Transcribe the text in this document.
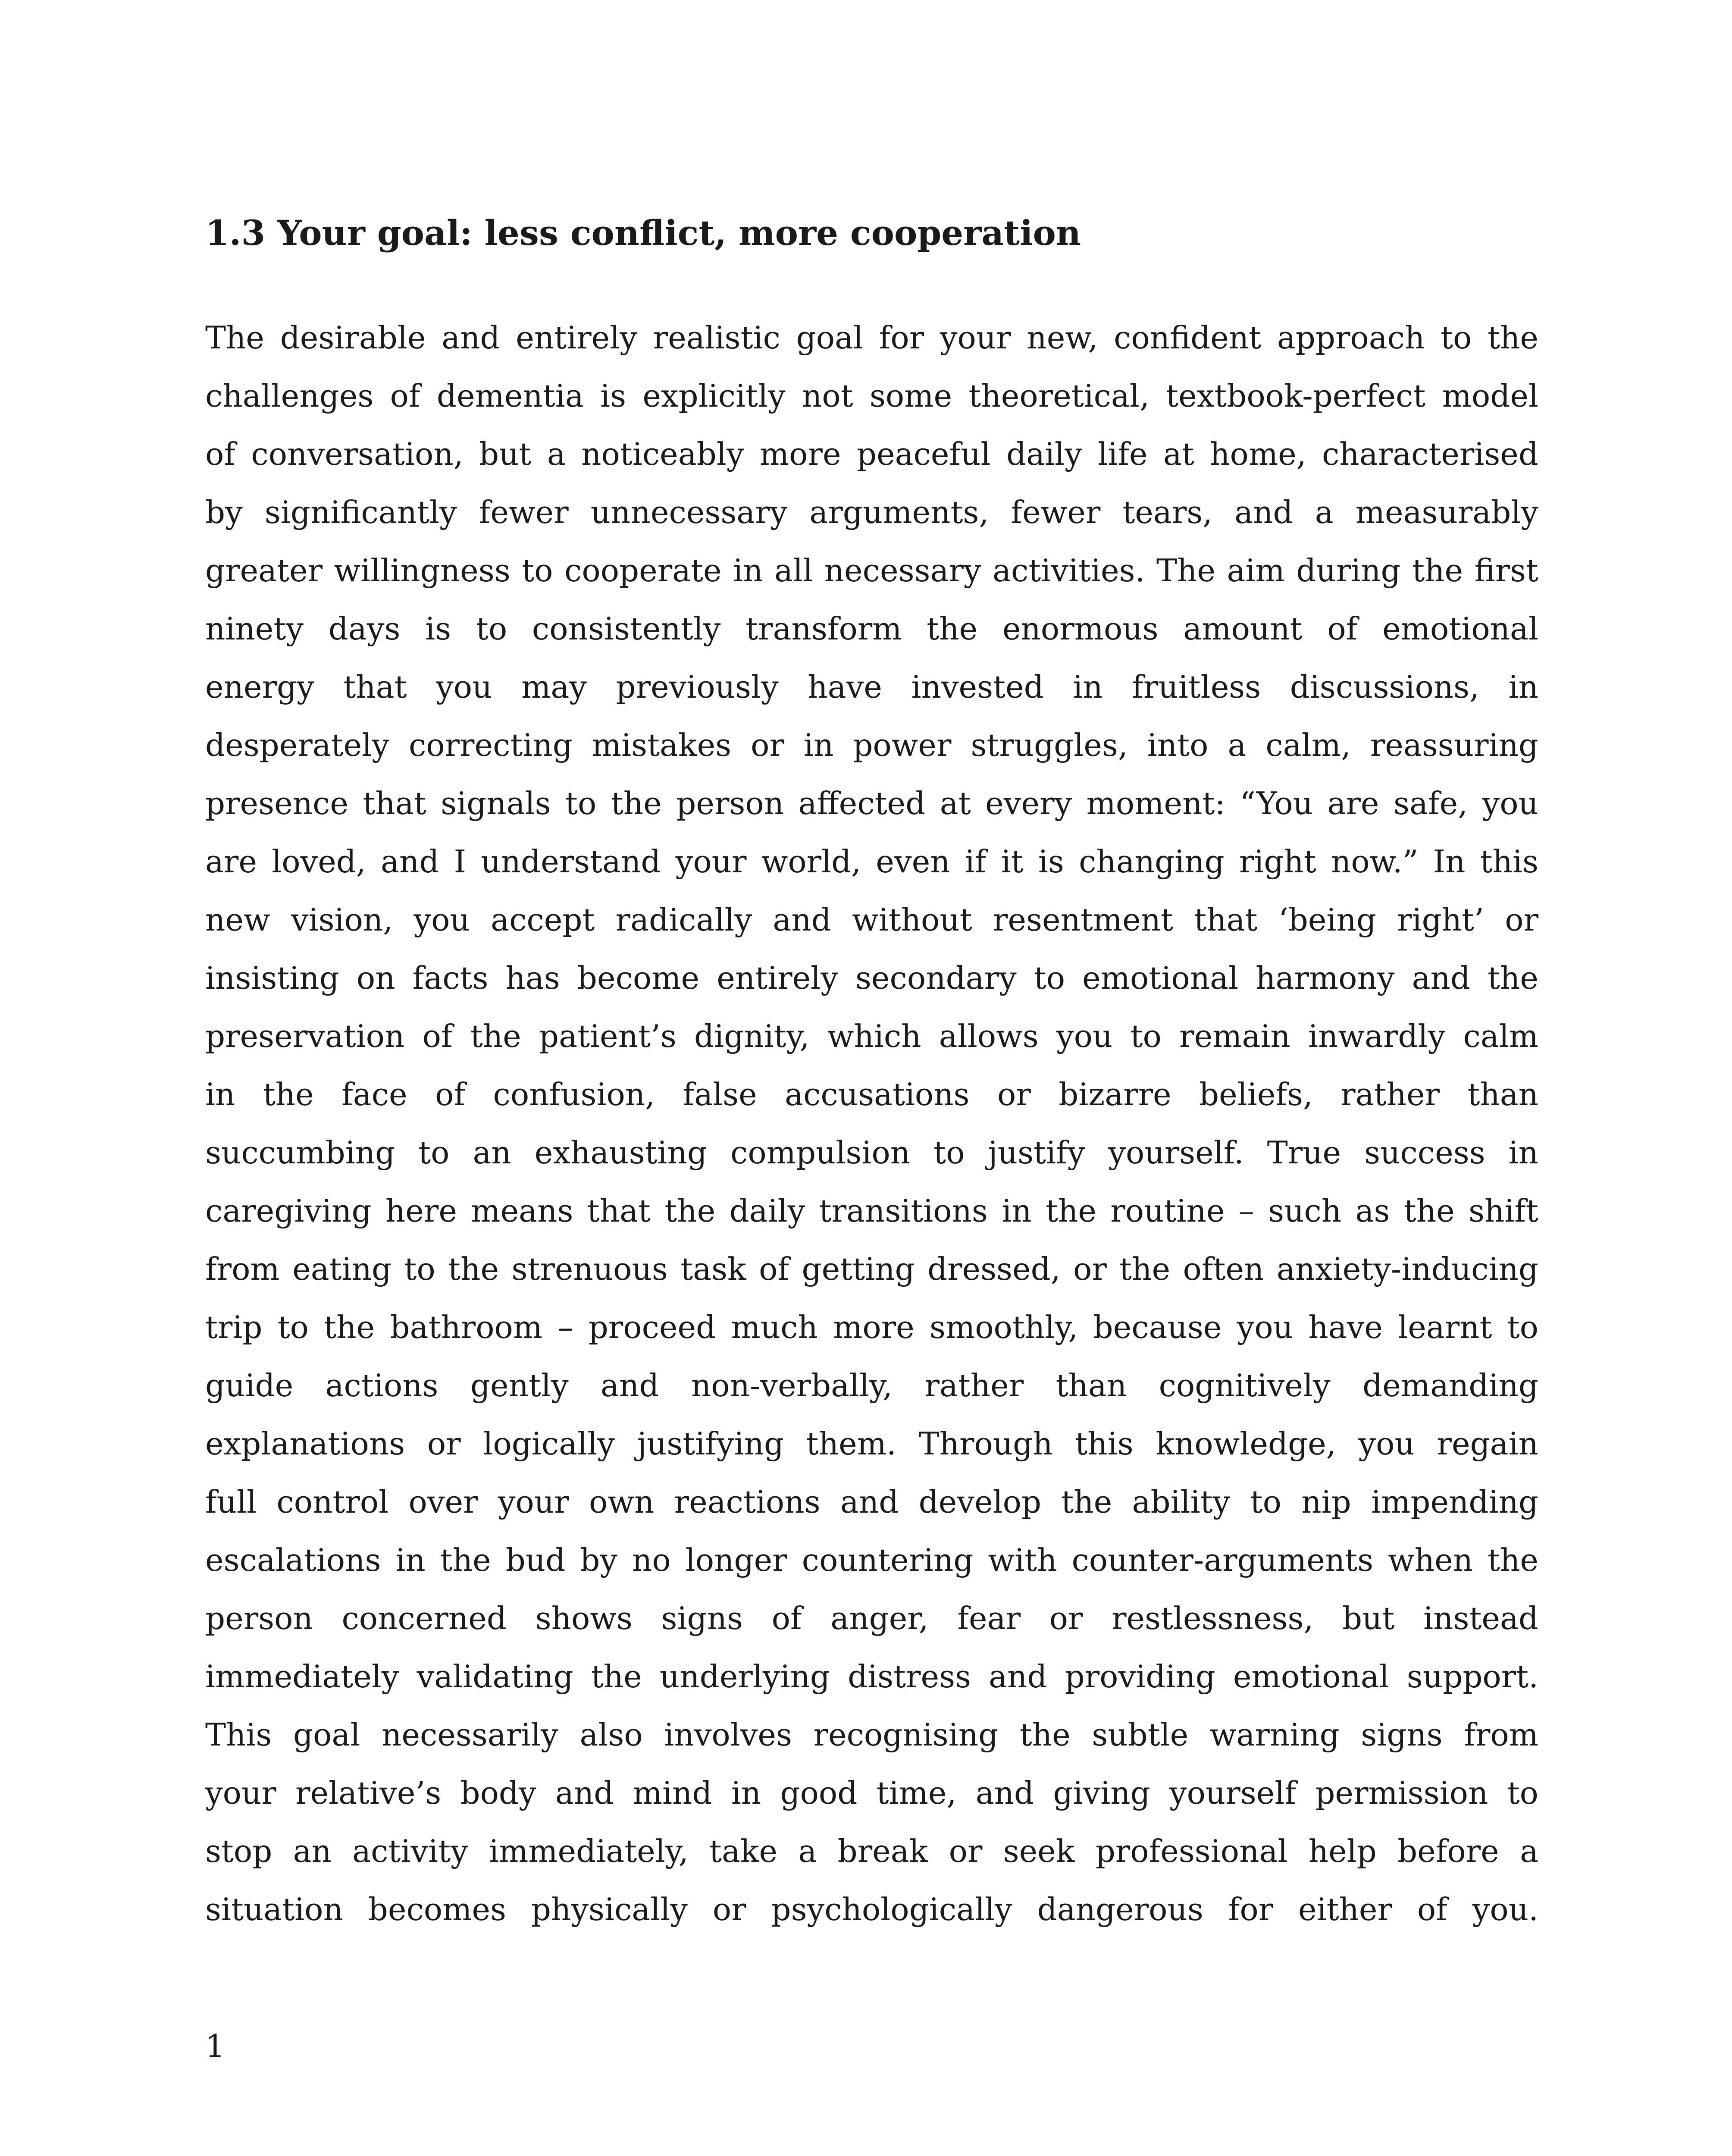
1.3 Your goal: less conflict, more cooperation
The desirable and entirely realistic goal for your new, confident approach to the
challenges of dementia is explicitly not some theoretical, textbook-perfect model
of conversation, but a noticeably more peaceful daily life at home, characterised
by significantly fewer unnecessary arguments, fewer tears, and a measurably
greater willingness to cooperate in all necessary activities. The aim during the first
ninety days is to consistently transform the enormous amount of emotional
energy that you may previously have invested in fruitless discussions, in
desperately correcting mistakes or in power struggles, into a calm, reassuring
presence that signals to the person affected at every moment: “You are safe, you
are loved, and I understand your world, even if it is changing right now.” In this
new vision, you accept radically and without resentment that ‘being right’ or
insisting on facts has become entirely secondary to emotional harmony and the
preservation of the patient’s dignity, which allows you to remain inwardly calm
in the face of confusion, false accusations or bizarre beliefs, rather than
succumbing to an exhausting compulsion to justify yourself. True success in
caregiving here means that the daily transitions in the routine – such as the shift
from eating to the strenuous task of getting dressed, or the often anxiety-inducing
trip to the bathroom – proceed much more smoothly, because you have learnt to
guide actions gently and non-verbally, rather than cognitively demanding
explanations or logically justifying them. Through this knowledge, you regain
full control over your own reactions and develop the ability to nip impending
escalations in the bud by no longer countering with counter-arguments when the
person concerned shows signs of anger, fear or restlessness, but instead
immediately validating the underlying distress and providing emotional support.
This goal necessarily also involves recognising the subtle warning signs from
your relative’s body and mind in good time, and giving yourself permission to
stop an activity immediately, take a break or seek professional help before a
situation becomes physically or psychologically dangerous for either of you.
1
